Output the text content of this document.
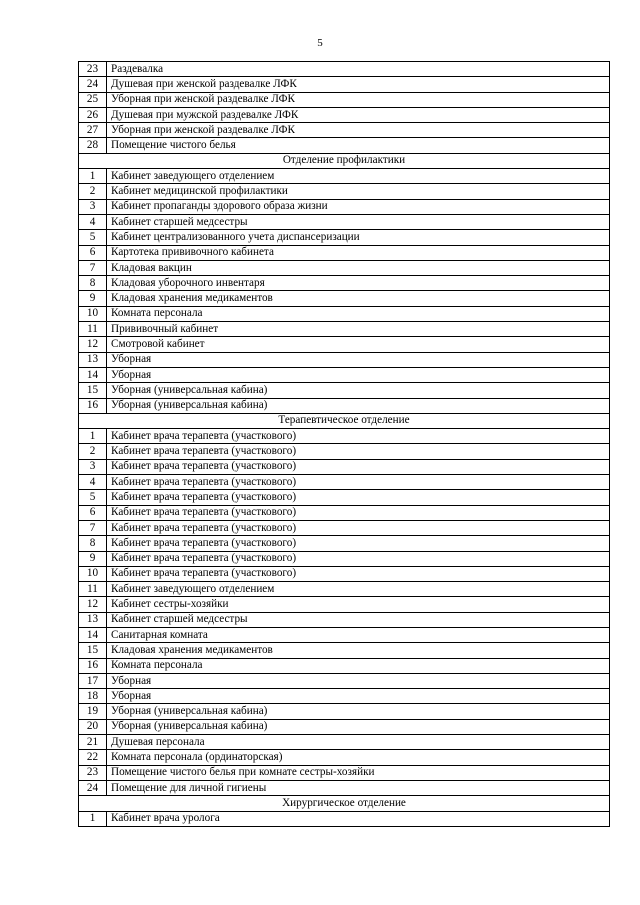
5
23	Раздевалка
24	Душевая при женской раздевалке ЛФК
25	Уборная при женской раздевалке ЛФК
26	Душевая при мужской раздевалке ЛФК
27	Уборная при женской раздевалке ЛФК
28	Помещение чистого белья
Отделение профилактики	
1	Кабинет заведующего отделением
2	Кабинет медицинской профилактики
3	Кабинет пропаганды здорового образа жизни
4	Кабинет старшей медсестры
5	Кабинет централизованного учета диспансеризации
6	Картотека прививочного кабинета
7	Кладовая вакцин
8	Кладовая уборочного инвентаря
9	Кладовая хранения медикаментов
10	Комната персонала
11	Прививочный кабинет
12	Смотровой кабинет
13	Уборная
14	Уборная
15	Уборная (универсальная кабина)
16	Уборная (универсальная кабина)
Терапевтическое отделение	
1	Кабинет врача терапевта (участкового)
2	Кабинет врача терапевта (участкового)
3	Кабинет врача терапевта (участкового)
4	Кабинет врача терапевта (участкового)
5	Кабинет врача терапевта (участкового)
6	Кабинет врача терапевта (участкового)
7	Кабинет врача терапевта (участкового)
8	Кабинет врача терапевта (участкового)
9	Кабинет врача терапевта (участкового)
10	Кабинет врача терапевта (участкового)
11	Кабинет заведующего отделением
12	Кабинет сестры-хозяйки
13	Кабинет старшей медсестры
14	Санитарная комната
15	Кладовая хранения медикаментов
16	Комната персонала
17	Уборная
18	Уборная
19	Уборная (универсальная кабина)
20	Уборная (универсальная кабина)
21	Душевая персонала
22	Комната персонала (ординаторская)
23	Помещение чистого белья при комнате сестры-хозяйки
24	Помещение для личной гигиены
Хирургическое отделение	
1	Кабинет врача уролога
